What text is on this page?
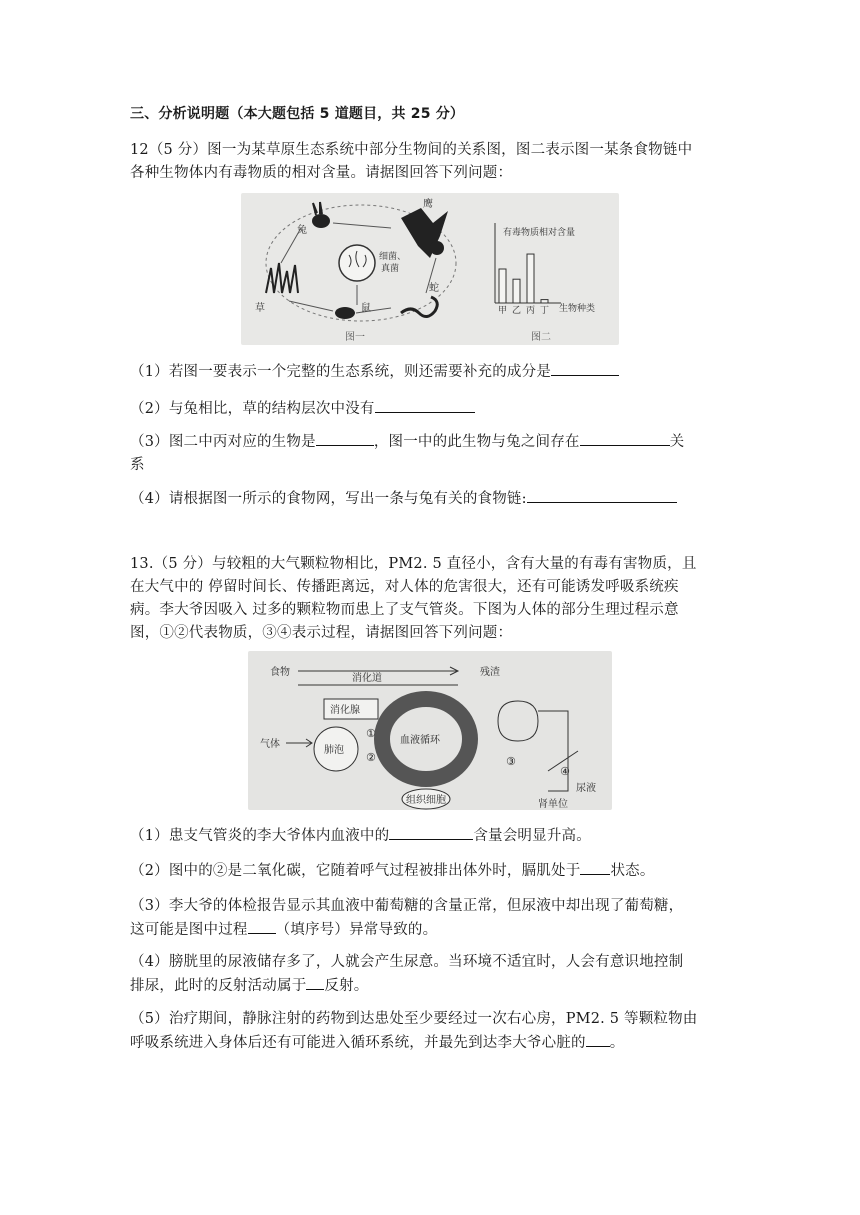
三、分析说明题（本大题包括 5 道题目，共 25 分）
12（5 分）图一为某草原生态系统中部分生物间的关系图，图二表示图一某条食物链中
各种生物体内有毒物质的相对含量。请据图回答下列问题：
兔
鹰
细菌、
真菌
蛇
草	鼠
图一
甲 乙 丙 丁
有毒物质相对含量
生物种类
图二
（1）若图一要表示一个完整的生态系统，则还需要补充的成分是
（2）与兔相比，草的结构层次中没有
（3）图二中丙对应的生物是	，图一中的此生物与兔之间存在	关
系
（4）请根据图一所示的食物网，写出一条与兔有关的食物链:
13.（5 分）与较粗的大气颗粒物相比，PM2. 5 直径小，含有大量的有毒有害物质，且
在大气中的 停留时间长、传播距离远，对人体的危害很大，还有可能诱发呼吸系统疾
病。李大爷因吸入 过多的颗粒物而患上了支气管炎。下图为人体的部分生理过程示意
图，①②代表物质，③④表示过程，请据图回答下列问题：
食物
消化道
残渣
消化腺
肺泡
气体	血液循环
①
②
组织细胞
③
④
尿液
肾单位
（1）患支气管炎的李大爷体内血液中的	含量会明显升高。
（2）图中的②是二氧化碳，它随着呼气过程被排出体外时，膈肌处于 状态。
（3）李大爷的体检报告显示其血液中葡萄糖的含量正常，但尿液中却出现了葡萄糖，
这可能是图中过程 （填序号）异常导致的。
（4）膀胱里的尿液储存多了，人就会产生尿意。当环境不适宜时，人会有意识地控制
排尿，此时的反射活动属于 反射。
（5）治疗期间，静脉注射的药物到达患处至少要经过一次右心房，PM2. 5 等颗粒物由
呼吸系统进入身体后还有可能进入循环系统，并最先到达李大爷心脏的 。
